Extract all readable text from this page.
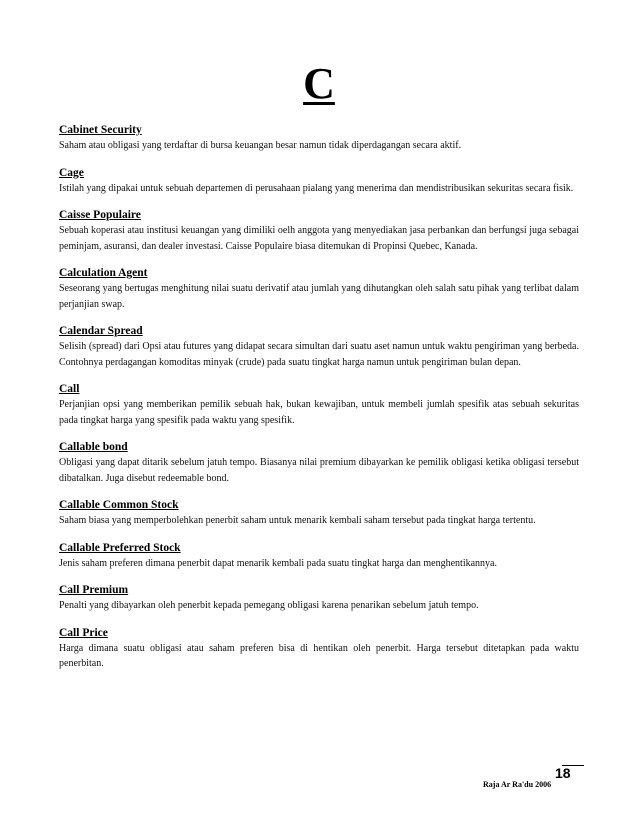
C
Cabinet Security

Saham atau obligasi yang terdaftar di bursa keuangan besar namun tidak diperdagangan secara aktif.

Cage

Istilah yang dipakai untuk sebuah departemen di perusahaan pialang yang menerima dan mendistribusikan sekuritas secara fisik.

Caisse Populaire

Sebuah koperasi atau institusi keuangan yang dimiliki oelh anggota yang menyediakan jasa perbankan dan berfungsi juga sebagai peminjam, asuransi, dan dealer investasi. Caisse Populaire biasa ditemukan di Propinsi Quebec, Kanada.

Calculation Agent

Seseorang yang bertugas menghitung nilai suatu derivatif atau jumlah yang dihutangkan oleh salah satu pihak yang terlibat dalam perjanjian swap.

Calendar Spread

Selisih (spread) dari Opsi atau futures yang didapat secara simultan dari suatu aset namun untuk waktu pengiriman yang berbeda. Contohnya perdagangan komoditas minyak (crude) pada suatu tingkat harga namun untuk pengiriman bulan depan.

Call

Perjanjian opsi yang memberikan pemilik sebuah hak, bukan kewajiban, untuk membeli jumlah spesifik atas sebuah sekuritas pada tingkat harga yang spesifik pada waktu yang spesifik.

Callable bond

Obligasi yang dapat ditarik sebelum jatuh tempo. Biasanya nilai premium dibayarkan ke pemilik obligasi ketika obligasi tersebut dibatalkan. Juga disebut redeemable bond.

Callable Common Stock

Saham biasa yang memperbolehkan penerbit saham untuk menarik kembali saham tersebut pada tingkat harga tertentu.

Callable Preferred Stock

Jenis saham preferen dimana penerbit dapat menarik kembali pada suatu tingkat harga dan menghentikannya.

Call Premium

Penalti yang dibayarkan oleh penerbit kepada pemegang obligasi karena penarikan sebelum jatuh tempo.

Call Price

Harga dimana suatu obligasi atau saham preferen bisa di hentikan oleh penerbit. Harga tersebut ditetapkan pada waktu penerbitan.

18
Raja Ar Ra'du 2006
